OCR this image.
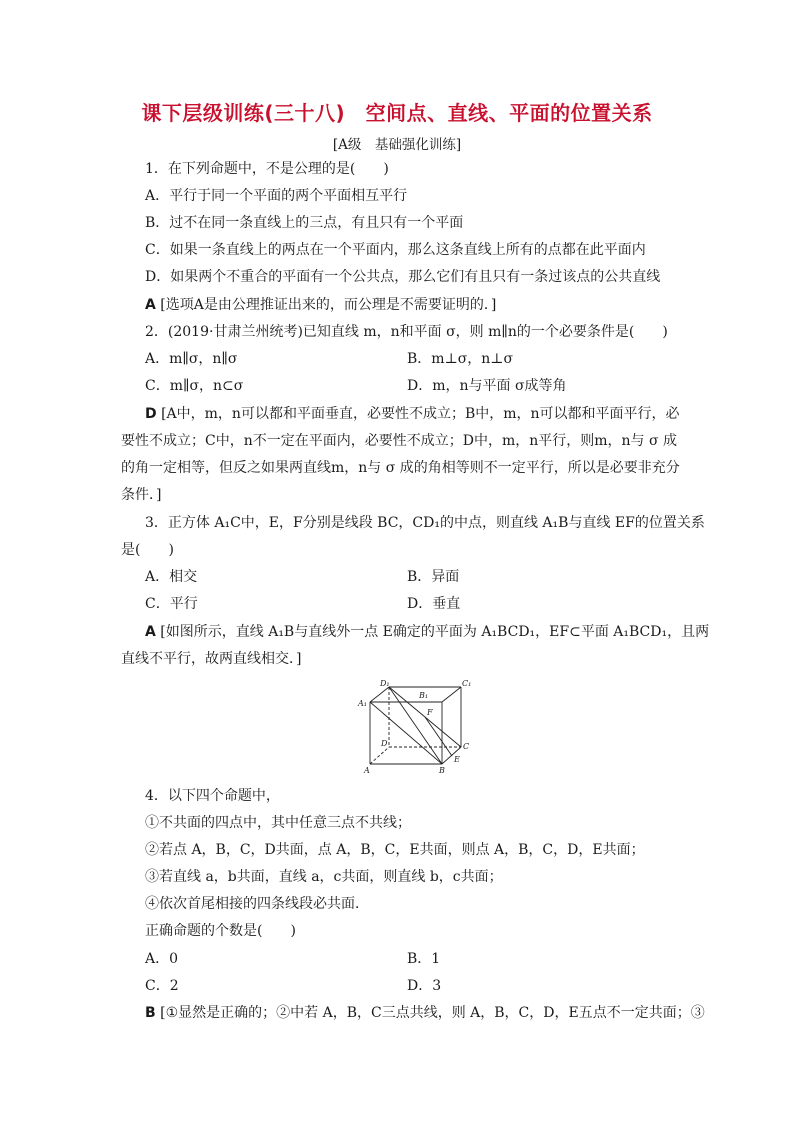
课下层级训练(三十八)　空间点、直线、平面的位置关系
[A级　基础强化训练]
1．在下列命题中，不是公理的是(　　)
A．平行于同一个平面的两个平面相互平行
B．过不在同一条直线上的三点，有且只有一个平面
C．如果一条直线上的两点在一个平面内，那么这条直线上所有的点都在此平面内
D．如果两个不重合的平面有一个公共点，那么它们有且只有一条过该点的公共直线
A [选项A是由公理推证出来的，而公理是不需要证明的．]
2．(2019·甘肃兰州统考)已知直线 m，n和平面 σ，则 m∥n的一个必要条件是(　　)
A．m∥σ，n∥σ	B．m⊥σ，n⊥σ
C．m∥σ，n⊂σ	D．m，n与平面 σ成等角
D [A中，m，n可以都和平面垂直，必要性不成立；B中，m，n可以都和平面平行，必
要性不成立；C中，n不一定在平面内，必要性不成立；D中，m，n平行，则m，n与 σ 成
的角一定相等，但反之如果两直线m，n与 σ 成的角相等则不一定平行，所以是必要非充分
条件．]
3．正方体 A₁C中，E，F分别是线段 BC，CD₁的中点，则直线 A₁B与直线 EF的位置关系
是(　　)
A．相交	B．异面
C．平行	D．垂直
A [如图所示，直线 A₁B与直线外一点 E确定的平面为 A₁BCD₁，EF⊂平面 A₁BCD₁，且两
直线不平行，故两直线相交．]
D₁
B₁
C₁
A₁
F
D	C
A	B
E
4．以下四个命题中，
①不共面的四点中，其中任意三点不共线；
②若点 A，B，C，D共面，点 A，B，C，E共面，则点 A，B，C，D，E共面；
③若直线 a，b共面，直线 a，c共面，则直线 b，c共面；
④依次首尾相接的四条线段必共面．
正确命题的个数是(　　)
A．0	B．1
C．2	D．3
B [①显然是正确的；②中若 A，B，C三点共线，则 A，B，C，D，E五点不一定共面；③
